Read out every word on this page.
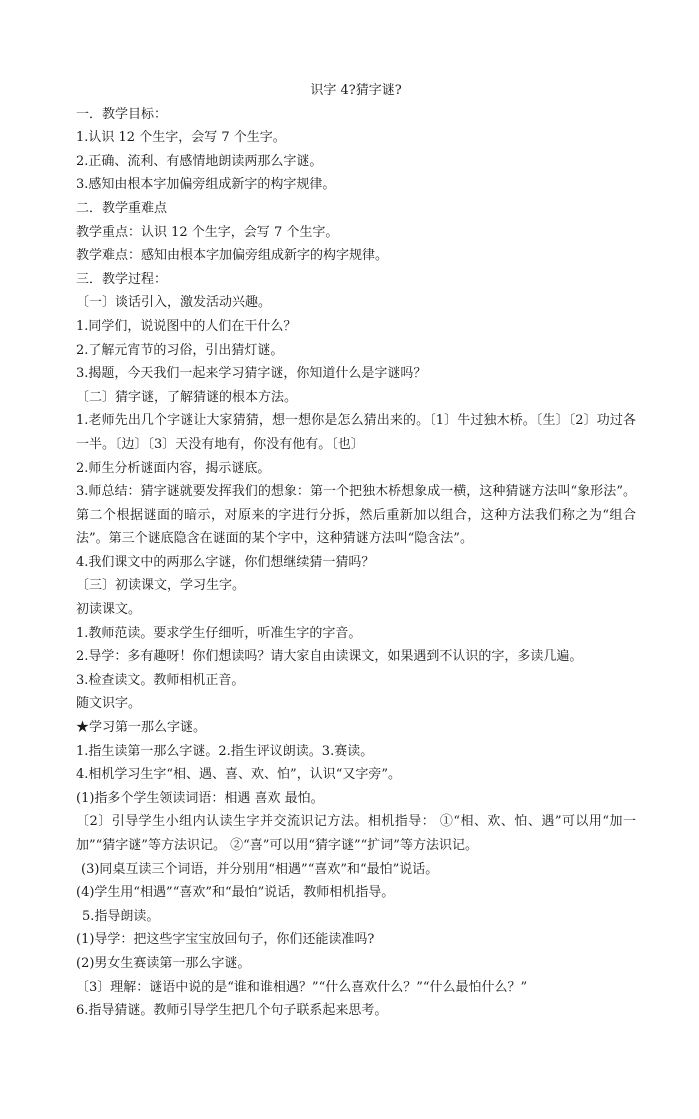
识字 4?猜字谜?

一．教学目标：

1.认识 12 个生字，会写 7 个生字。

2.正确、流利、有感情地朗读两那么字谜。

3.感知由根本字加偏旁组成新字的构字规律。

二．教学重难点

教学重点：认识 12 个生字，会写 7 个生字。

教学难点：感知由根本字加偏旁组成新字的构字规律。

三．教学过程：

〔一〕谈话引入，激发活动兴趣。

1.同学们，说说图中的人们在干什么？

2.了解元宵节的习俗，引出猜灯谜。

3.揭题，今天我们一起来学习猜字谜，你知道什么是字谜吗？

〔二〕猜字谜，了解猜谜的根本方法。

1.老师先出几个字谜让大家猜猜，想一想你是怎么猜出来的。〔1〕牛过独木桥。〔生〕〔2〕功过各一半。〔边〕〔3〕天没有地有，你没有他有。〔也〕

2.师生分析谜面内容，揭示谜底。

3.师总结：猜字谜就要发挥我们的想象：第一个把独木桥想象成一横，这种猜谜方法叫“象形法”。第二个根据谜面的暗示，对原来的字进行分拆，然后重新加以组合，这种方法我们称之为“组合法”。第三个谜底隐含在谜面的某个字中，这种猜谜方法叫“隐含法”。

4.我们课文中的两那么字谜，你们想继续猜一猜吗？

〔三〕初读课文，学习生字。

初读课文。

1.教师范读。要求学生仔细听，听准生字的字音。

2.导学：多有趣呀！你们想读吗？请大家自由读课文，如果遇到不认识的字，多读几遍。

3.检查读文。教师相机正音。

随文识字。

★学习第一那么字谜。

1.指生读第一那么字谜。2.指生评议朗读。3.赛读。

4.相机学习生字“相、遇、喜、欢、怕”，认识“又字旁”。

(1)指多个学生领读词语：相遇 喜欢 最怕。

〔2〕引导学生小组内认读生字并交流识记方法。相机指导： ①“相、欢、怕、遇”可以用“加一加”“猜字谜”等方法识记。 ②“喜”可以用“猜字谜”“扩词”等方法识记。

(3)同桌互读三个词语，并分别用“相遇”“喜欢”和“最怕”说话。

(4)学生用“相遇”“喜欢”和“最怕”说话，教师相机指导。

5.指导朗读。

(1)导学：把这些字宝宝放回句子，你们还能读准吗?

(2)男女生赛读第一那么字谜。

〔3〕理解：谜语中说的是“谁和谁相遇？”“什么喜欢什么？”“什么最怕什么？”

6.指导猜谜。教师引导学生把几个句子联系起来思考。
